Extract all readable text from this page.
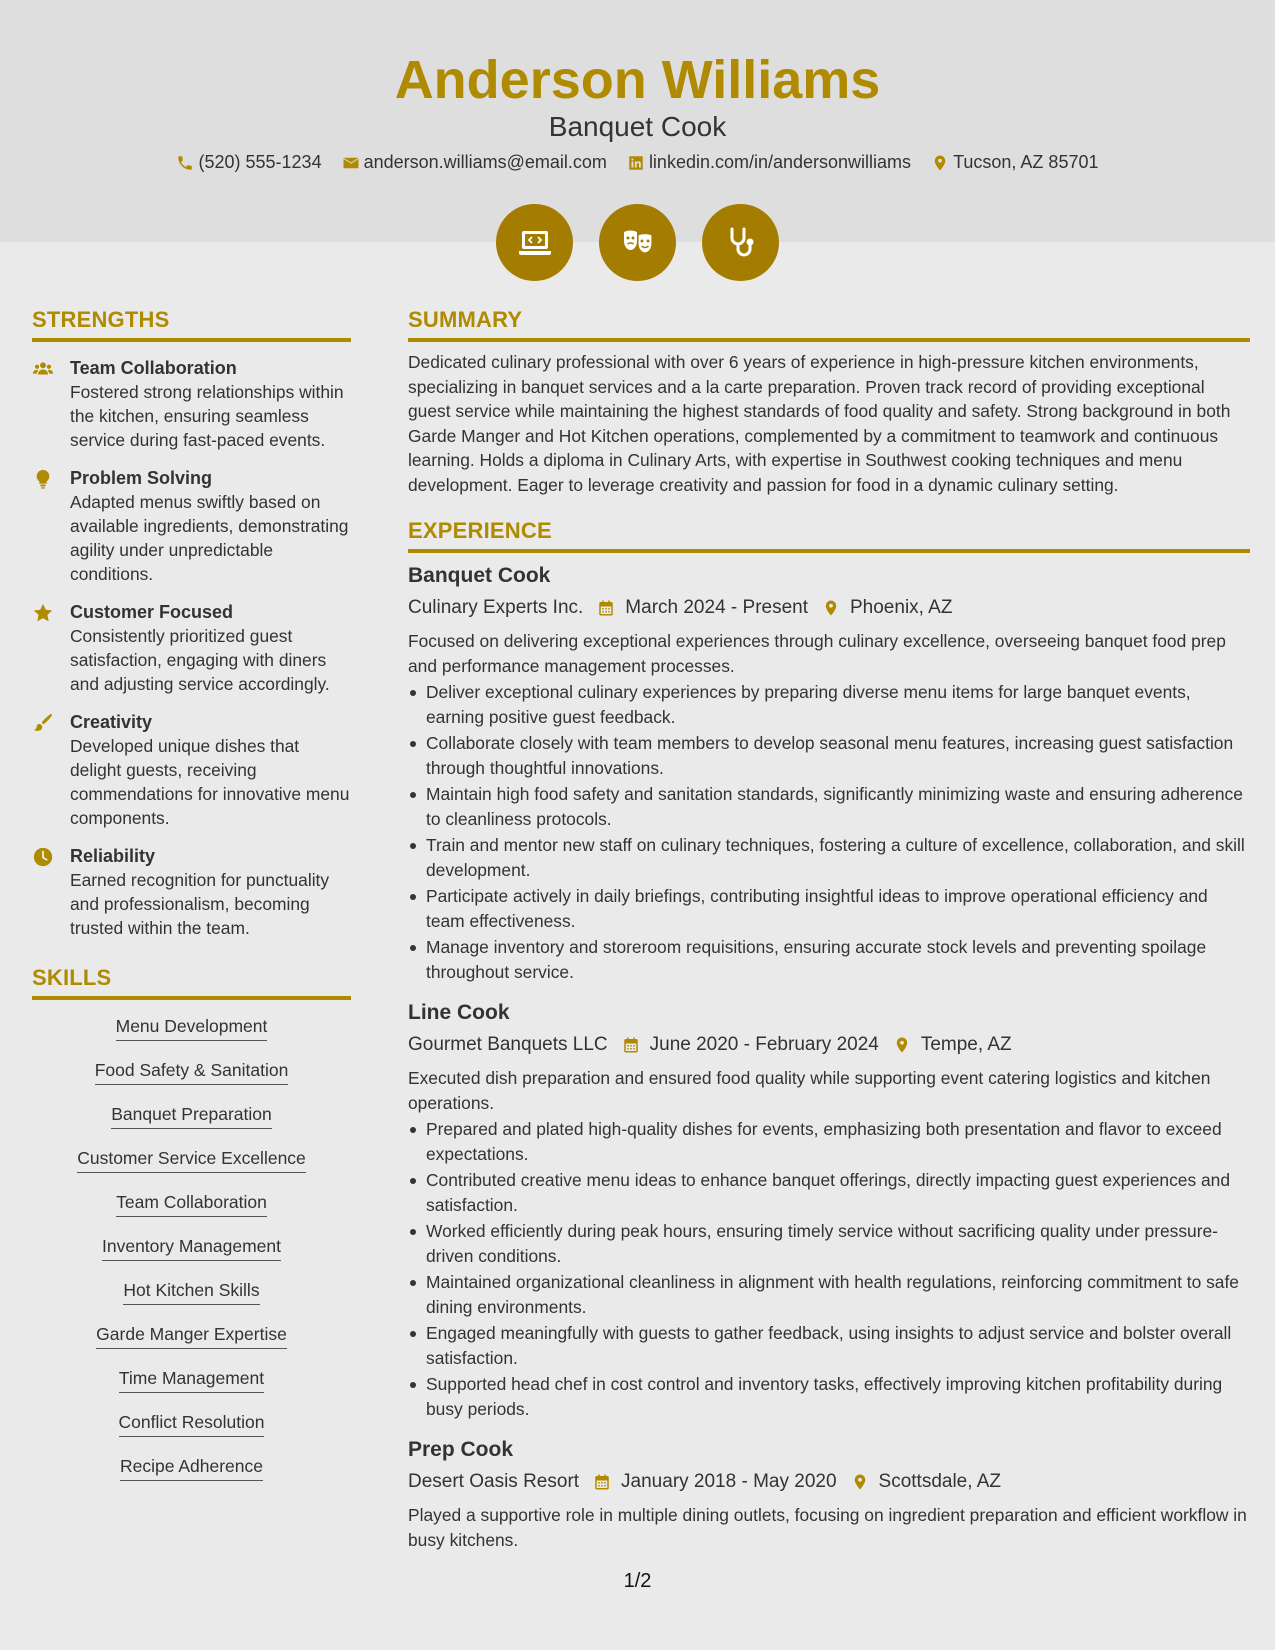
Anderson Williams
Banquet Cook
(520) 555-1234 anderson.williams@email.com linkedin.com/in/andersonwilliams Tucson, AZ 85701
STRENGTHS
Team Collaboration
Fostered strong relationships within the kitchen, ensuring seamless service during fast-paced events.
Problem Solving
Adapted menus swiftly based on available ingredients, demonstrating agility under unpredictable conditions.
Customer Focused
Consistently prioritized guest satisfaction, engaging with diners and adjusting service accordingly.
Creativity
Developed unique dishes that delight guests, receiving commendations for innovative menu components.
Reliability
Earned recognition for punctuality and professionalism, becoming trusted within the team.
SKILLS
Menu Development
Food Safety & Sanitation
Banquet Preparation
Customer Service Excellence
Team Collaboration
Inventory Management
Hot Kitchen Skills
Garde Manger Expertise
Time Management
Conflict Resolution
Recipe Adherence
SUMMARY
Dedicated culinary professional with over 6 years of experience in high-pressure kitchen environments, specializing in banquet services and a la carte preparation. Proven track record of providing exceptional guest service while maintaining the highest standards of food quality and safety. Strong background in both Garde Manger and Hot Kitchen operations, complemented by a commitment to teamwork and continuous learning. Holds a diploma in Culinary Arts, with expertise in Southwest cooking techniques and menu development. Eager to leverage creativity and passion for food in a dynamic culinary setting.
EXPERIENCE
Banquet Cook
Culinary Experts Inc. March 2024 - Present Phoenix, AZ
Focused on delivering exceptional experiences through culinary excellence, overseeing banquet food prep and performance management processes.
Deliver exceptional culinary experiences by preparing diverse menu items for large banquet events, earning positive guest feedback.
Collaborate closely with team members to develop seasonal menu features, increasing guest satisfaction through thoughtful innovations.
Maintain high food safety and sanitation standards, significantly minimizing waste and ensuring adherence to cleanliness protocols.
Train and mentor new staff on culinary techniques, fostering a culture of excellence, collaboration, and skill development.
Participate actively in daily briefings, contributing insightful ideas to improve operational efficiency and team effectiveness.
Manage inventory and storeroom requisitions, ensuring accurate stock levels and preventing spoilage throughout service.
Line Cook
Gourmet Banquets LLC June 2020 - February 2024 Tempe, AZ
Executed dish preparation and ensured food quality while supporting event catering logistics and kitchen operations.
Prepared and plated high-quality dishes for events, emphasizing both presentation and flavor to exceed expectations.
Contributed creative menu ideas to enhance banquet offerings, directly impacting guest experiences and satisfaction.
Worked efficiently during peak hours, ensuring timely service without sacrificing quality under pressure-driven conditions.
Maintained organizational cleanliness in alignment with health regulations, reinforcing commitment to safe dining environments.
Engaged meaningfully with guests to gather feedback, using insights to adjust service and bolster overall satisfaction.
Supported head chef in cost control and inventory tasks, effectively improving kitchen profitability during busy periods.
Prep Cook
Desert Oasis Resort January 2018 - May 2020 Scottsdale, AZ
Played a supportive role in multiple dining outlets, focusing on ingredient preparation and efficient workflow in busy kitchens.
1/2
